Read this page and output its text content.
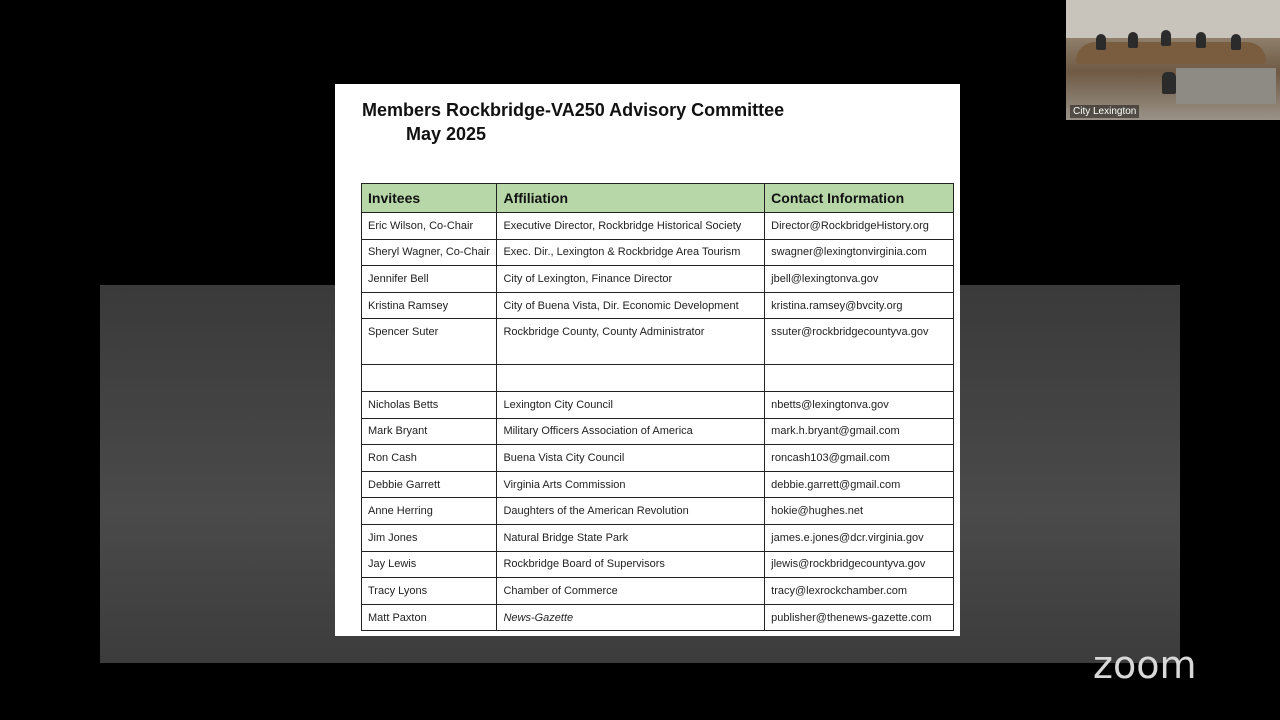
Members Rockbridge-VA250 Advisory Committee
May 2025
Invitees	Affiliation	Contact Information
Eric Wilson, Co-Chair	Executive Director, Rockbridge Historical Society	Director@RockbridgeHistory.org
Sheryl Wagner, Co-Chair	Exec. Dir., Lexington & Rockbridge Area Tourism	swagner@lexingtonvirginia.com
Jennifer Bell	City of Lexington, Finance Director	jbell@lexingtonva.gov
Kristina Ramsey	City of Buena Vista, Dir. Economic Development	kristina.ramsey@bvcity.org
Spencer Suter	Rockbridge County, County Administrator	ssuter@rockbridgecountyva.gov

Nicholas Betts	Lexington City Council	nbetts@lexingtonva.gov
Mark Bryant	Military Officers Association of America	mark.h.bryant@gmail.com
Ron Cash	Buena Vista City Council	roncash103@gmail.com
Debbie Garrett	Virginia Arts Commission	debbie.garrett@gmail.com
Anne Herring	Daughters of the American Revolution	hokie@hughes.net
Jim Jones	Natural Bridge State Park	james.e.jones@dcr.virginia.gov
Jay Lewis	Rockbridge Board of Supervisors	jlewis@rockbridgecountyva.gov
Tracy Lyons	Chamber of Commerce	tracy@lexrockchamber.com
Matt Paxton	News-Gazette	publisher@thenews-gazette.com
City Lexington
zoom
